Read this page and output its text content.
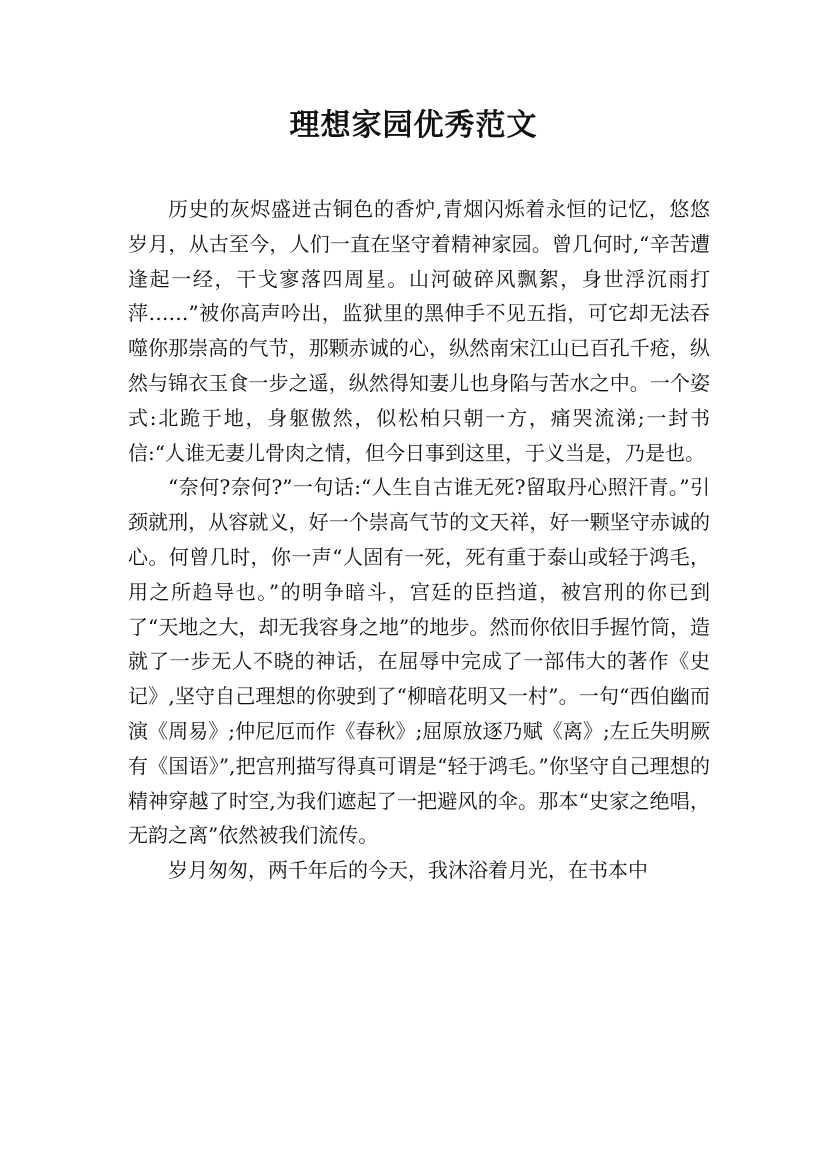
理想家园优秀范文

历史的灰烬盛迸古铜色的香炉,青烟闪烁着永恒的记忆，悠悠岁月，从古至今，人们一直在坚守着精神家园。曾几何时,“辛苦遭逢起一经，干戈寥落四周星。山河破碎风飘絮，身世浮沉雨打萍……”被你高声吟出，监狱里的黑伸手不见五指，可它却无法吞噬你那崇高的气节，那颗赤诚的心，纵然南宋江山已百孔千疮，纵然与锦衣玉食一步之遥，纵然得知妻儿也身陷与苦水之中。一个姿式:北跪于地，身躯傲然，似松柏只朝一方，痛哭流涕;一封书信:“人谁无妻儿骨肉之情，但今日事到这里，于义当是，乃是也。

“奈何?奈何?”一句话:“人生自古谁无死?留取丹心照汗青。”引颈就刑，从容就义，好一个崇高气节的文天祥，好一颗坚守赤诚的心。何曾几时，你一声“人固有一死，死有重于泰山或轻于鸿毛，用之所趋导也。”的明争暗斗，宫廷的臣挡道，被宫刑的你已到了“天地之大，却无我容身之地”的地步。然而你依旧手握竹筒，造就了一步无人不晓的神话，在屈辱中完成了一部伟大的著作《史记》,坚守自己理想的你驶到了“柳暗花明又一村”。一句“西伯幽而演《周易》;仲尼厄而作《春秋》;屈原放逐乃赋《离》;左丘失明厥有《国语》”,把宫刑描写得真可谓是“轻于鸿毛。”你坚守自己理想的精神穿越了时空,为我们遮起了一把避风的伞。那本“史家之绝唱，无韵之离”依然被我们流传。

岁月匆匆，两千年后的今天，我沐浴着月光，在书本中
